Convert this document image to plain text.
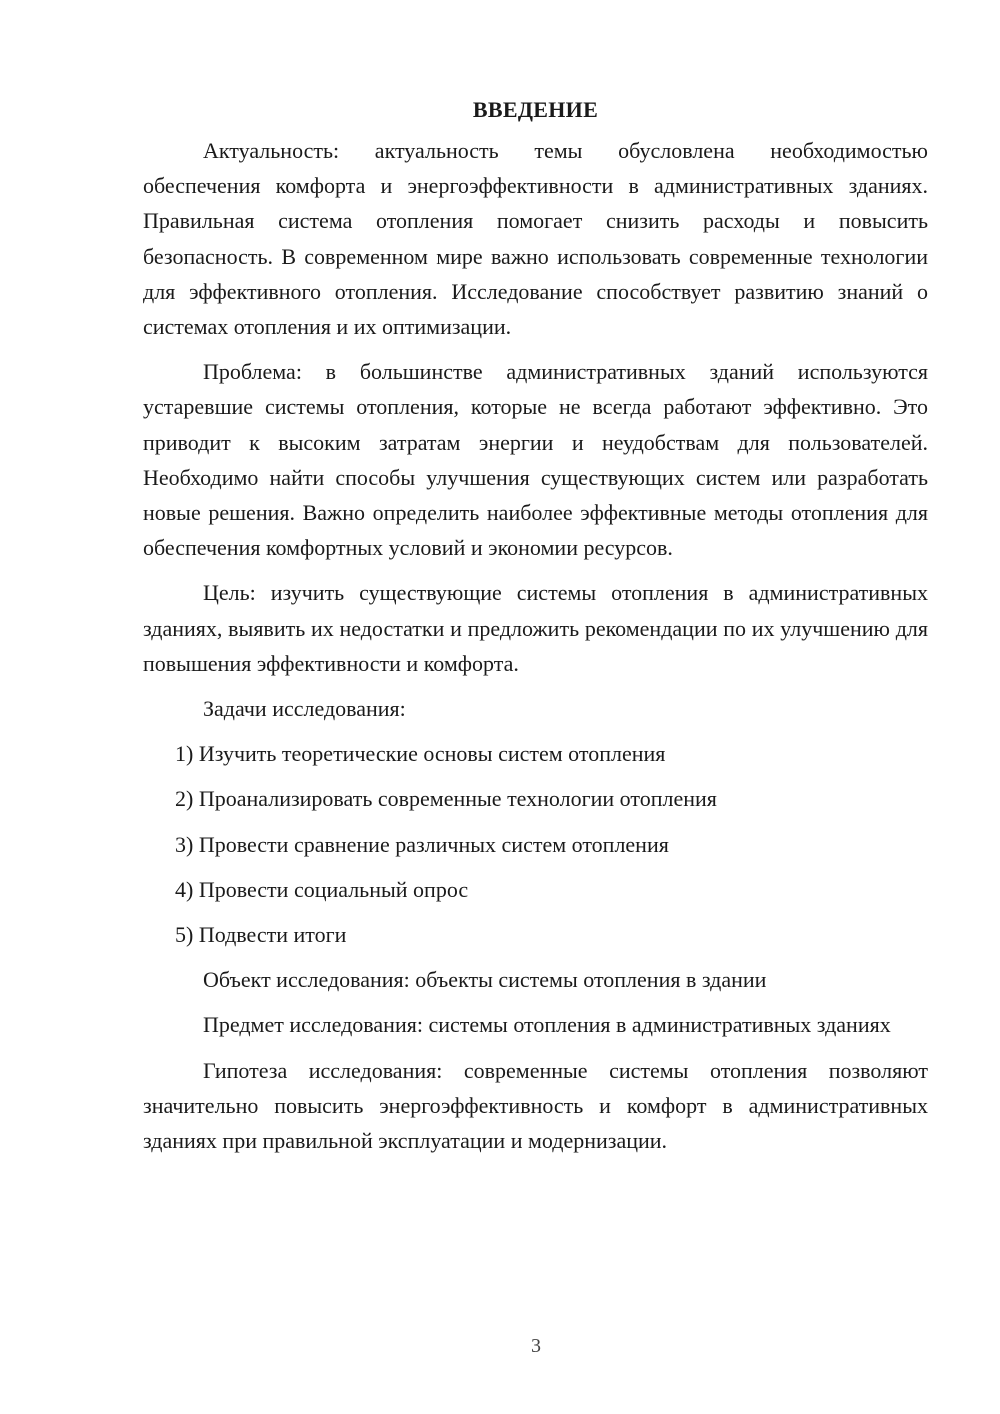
ВВЕДЕНИЕ

Актуальность: актуальность темы обусловлена необходимостью обеспечения комфорта и энергоэффективности в административных зданиях. Правильная система отопления помогает снизить расходы и повысить безопасность. В современном мире важно использовать современные технологии для эффективного отопления. Исследование способствует развитию знаний о системах отопления и их оптимизации.

Проблема: в большинстве административных зданий используются устаревшие системы отопления, которые не всегда работают эффективно. Это приводит к высоким затратам энергии и неудобствам для пользователей. Необходимо найти способы улучшения существующих систем или разработать новые решения. Важно определить наиболее эффективные методы отопления для обеспечения комфортных условий и экономии ресурсов.

Цель: изучить существующие системы отопления в административных зданиях, выявить их недостатки и предложить рекомендации по их улучшению для повышения эффективности и комфорта.

Задачи исследования:

1) Изучить теоретические основы систем отопления
2) Проанализировать современные технологии отопления
3) Провести сравнение различных систем отопления
4) Провести социальный опрос
5) Подвести итоги

Объект исследования: объекты системы отопления в здании

Предмет исследования: системы отопления в административных зданиях

Гипотеза исследования: современные системы отопления позволяют значительно повысить энергоэффективность и комфорт в административных зданиях при правильной эксплуатации и модернизации.

3
